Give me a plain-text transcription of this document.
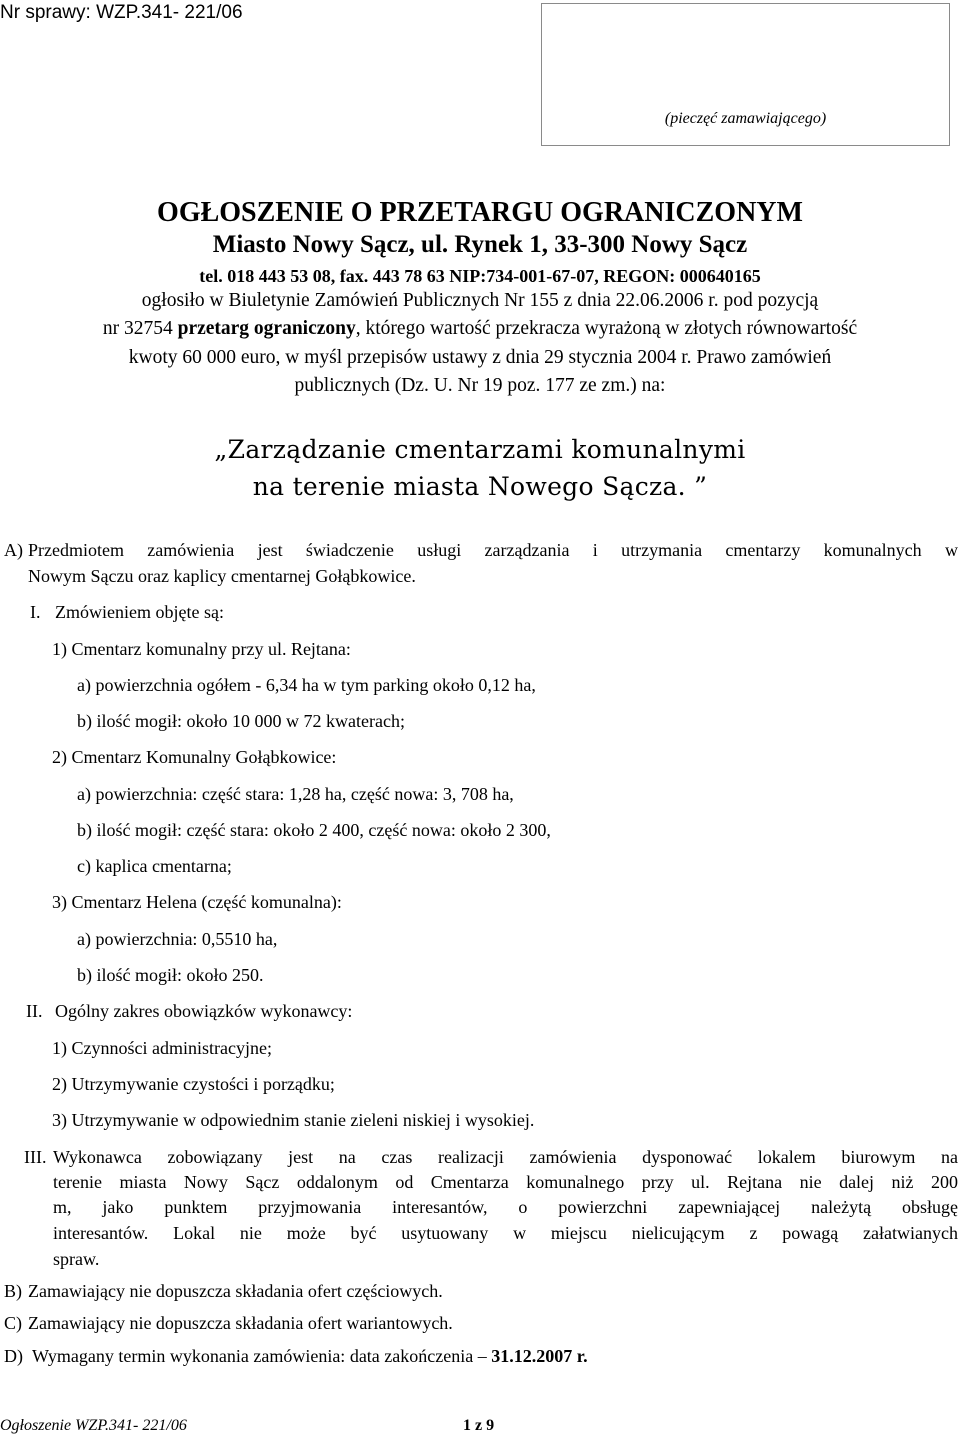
Nr sprawy: WZP.341- 221/06
(pieczęć zamawiającego)
OGŁOSZENIE O PRZETARGU OGRANICZONYM
Miasto Nowy Sącz, ul. Rynek 1, 33-300 Nowy Sącz
tel. 018 443 53 08, fax. 443 78 63 NIP:734-001-67-07, REGON: 000640165
ogłosiło w Biuletynie Zamówień Publicznych Nr 155 z dnia 22.06.2006 r. pod pozycją
nr 32754 przetarg ograniczony, którego wartość przekracza wyrażoną w złotych równowartość
kwoty 60 000 euro, w myśl przepisów ustawy z dnia 29 stycznia 2004 r. Prawo zamówień
publicznych (Dz. U. Nr 19 poz. 177 ze zm.) na:
„Zarządzanie cmentarzami komunalnymi
na terenie miasta Nowego Sącza. ”
A) Przedmiotem zamówienia jest świadczenie usługi zarządzania i utrzymania cmentarzy komunalnych w
Nowym Sączu oraz kaplicy cmentarnej Gołąbkowice.
I. Zmówieniem objęte są:
1) Cmentarz komunalny przy ul. Rejtana:
a) powierzchnia ogółem - 6,34 ha w tym parking około 0,12 ha,
b) ilość mogił: około 10 000 w 72 kwaterach;
2) Cmentarz Komunalny Gołąbkowice:
a) powierzchnia: część stara: 1,28 ha, część nowa: 3, 708 ha,
b) ilość mogił: część stara: około 2 400, część nowa: około 2 300,
c) kaplica cmentarna;
3) Cmentarz Helena (część komunalna):
a) powierzchnia: 0,5510 ha,
b) ilość mogił: około 250.
II. Ogólny zakres obowiązków wykonawcy:
1) Czynności administracyjne;
2) Utrzymywanie czystości i porządku;
3) Utrzymywanie w odpowiednim stanie zieleni niskiej i wysokiej.
III. Wykonawca zobowiązany jest na czas realizacji zamówienia dysponować lokalem biurowym na
terenie miasta Nowy Sącz oddalonym od Cmentarza komunalnego przy ul. Rejtana nie dalej niż 200
m, jako punktem przyjmowania interesantów, o powierzchni zapewniającej należytą obsługę
interesantów. Lokal nie może być usytuowany w miejscu nielicującym z powagą załatwianych
spraw.
B) Zamawiający nie dopuszcza składania ofert częściowych.
C) Zamawiający nie dopuszcza składania ofert wariantowych.
D) Wymagany termin wykonania zamówienia: data zakończenia – 31.12.2007 r.
Ogłoszenie WZP.341- 221/06	1 z 9
